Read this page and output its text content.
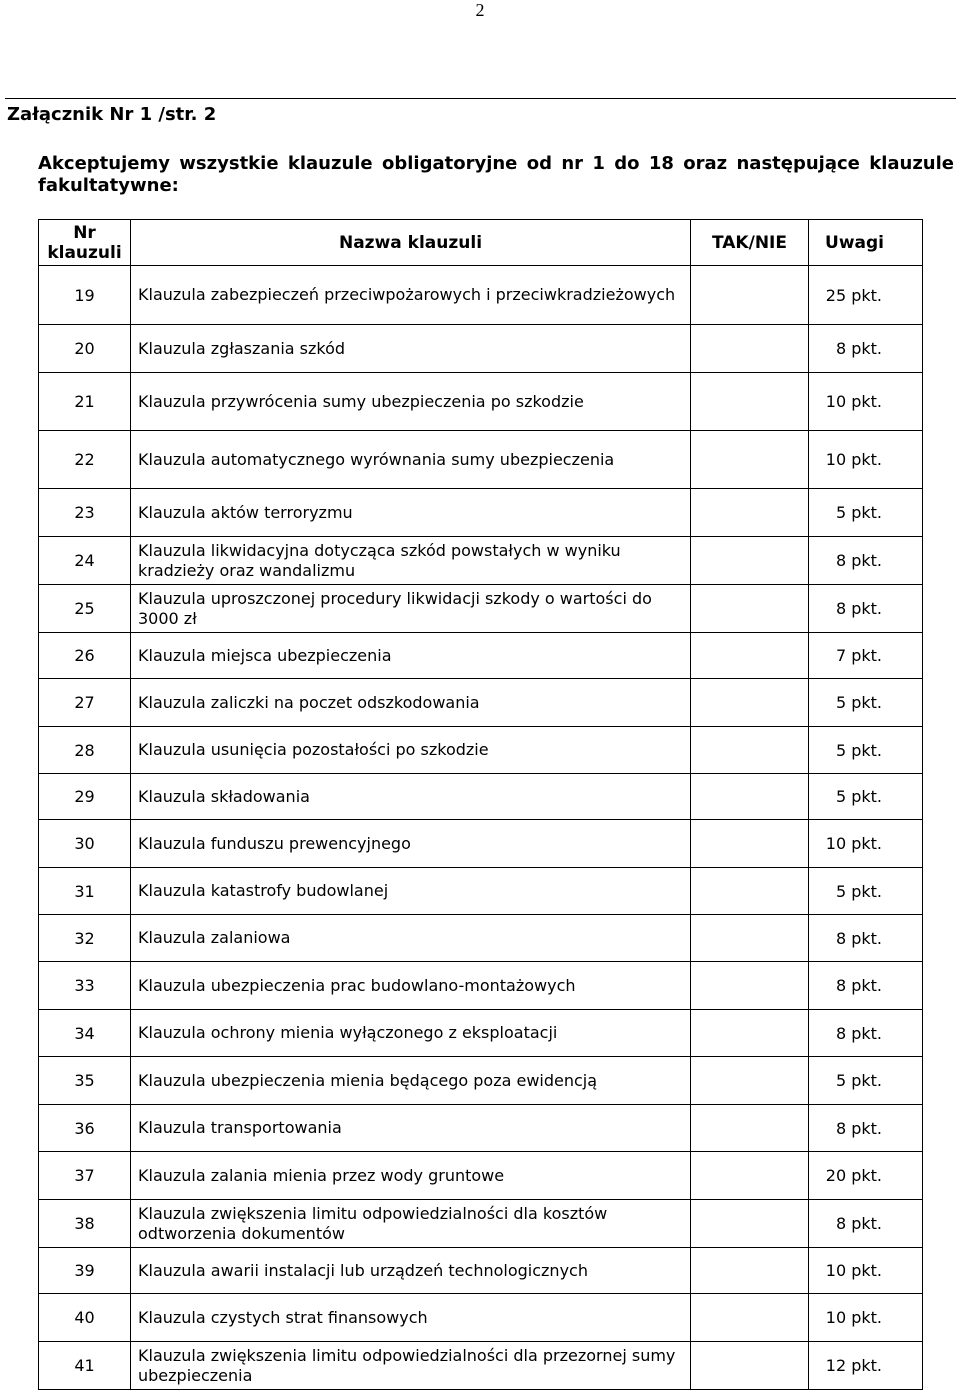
2
Załącznik Nr 1 /str. 2
Akceptujemy wszystkie klauzule obligatoryjne od nr 1 do 18 oraz następujące klauzule fakultatywne:
Nr klauzuli	Nazwa klauzuli	TAK/NIE	Uwagi
19	Klauzula zabezpieczeń przeciwpożarowych i przeciwkradzieżowych		25 pkt.
20	Klauzula zgłaszania szkód		8 pkt.
21	Klauzula przywrócenia sumy ubezpieczenia po szkodzie		10 pkt.
22	Klauzula automatycznego wyrównania sumy ubezpieczenia		10 pkt.
23	Klauzula aktów terroryzmu		5 pkt.
24	Klauzula likwidacyjna dotycząca szkód powstałych w wyniku kradzieży oraz wandalizmu		8 pkt.
25	Klauzula uproszczonej procedury likwidacji szkody o wartości do 3000 zł		8 pkt.
26	Klauzula miejsca ubezpieczenia		7 pkt.
27	Klauzula zaliczki na poczet odszkodowania		5 pkt.
28	Klauzula usunięcia pozostałości po szkodzie		5 pkt.
29	Klauzula składowania		5 pkt.
30	Klauzula funduszu prewencyjnego		10 pkt.
31	Klauzula katastrofy budowlanej		5 pkt.
32	Klauzula zalaniowa		8 pkt.
33	Klauzula ubezpieczenia prac budowlano-montażowych		8 pkt.
34	Klauzula ochrony mienia wyłączonego z eksploatacji		8 pkt.
35	Klauzula ubezpieczenia mienia będącego poza ewidencją		5 pkt.
36	Klauzula transportowania		8 pkt.
37	Klauzula zalania mienia przez wody gruntowe		20 pkt.
38	Klauzula zwiększenia limitu odpowiedzialności dla kosztów odtworzenia dokumentów		8 pkt.
39	Klauzula awarii instalacji lub urządzeń technologicznych		10 pkt.
40	Klauzula czystych strat finansowych		10 pkt.
41	Klauzula zwiększenia limitu odpowiedzialności dla przezornej sumy ubezpieczenia		12 pkt.
